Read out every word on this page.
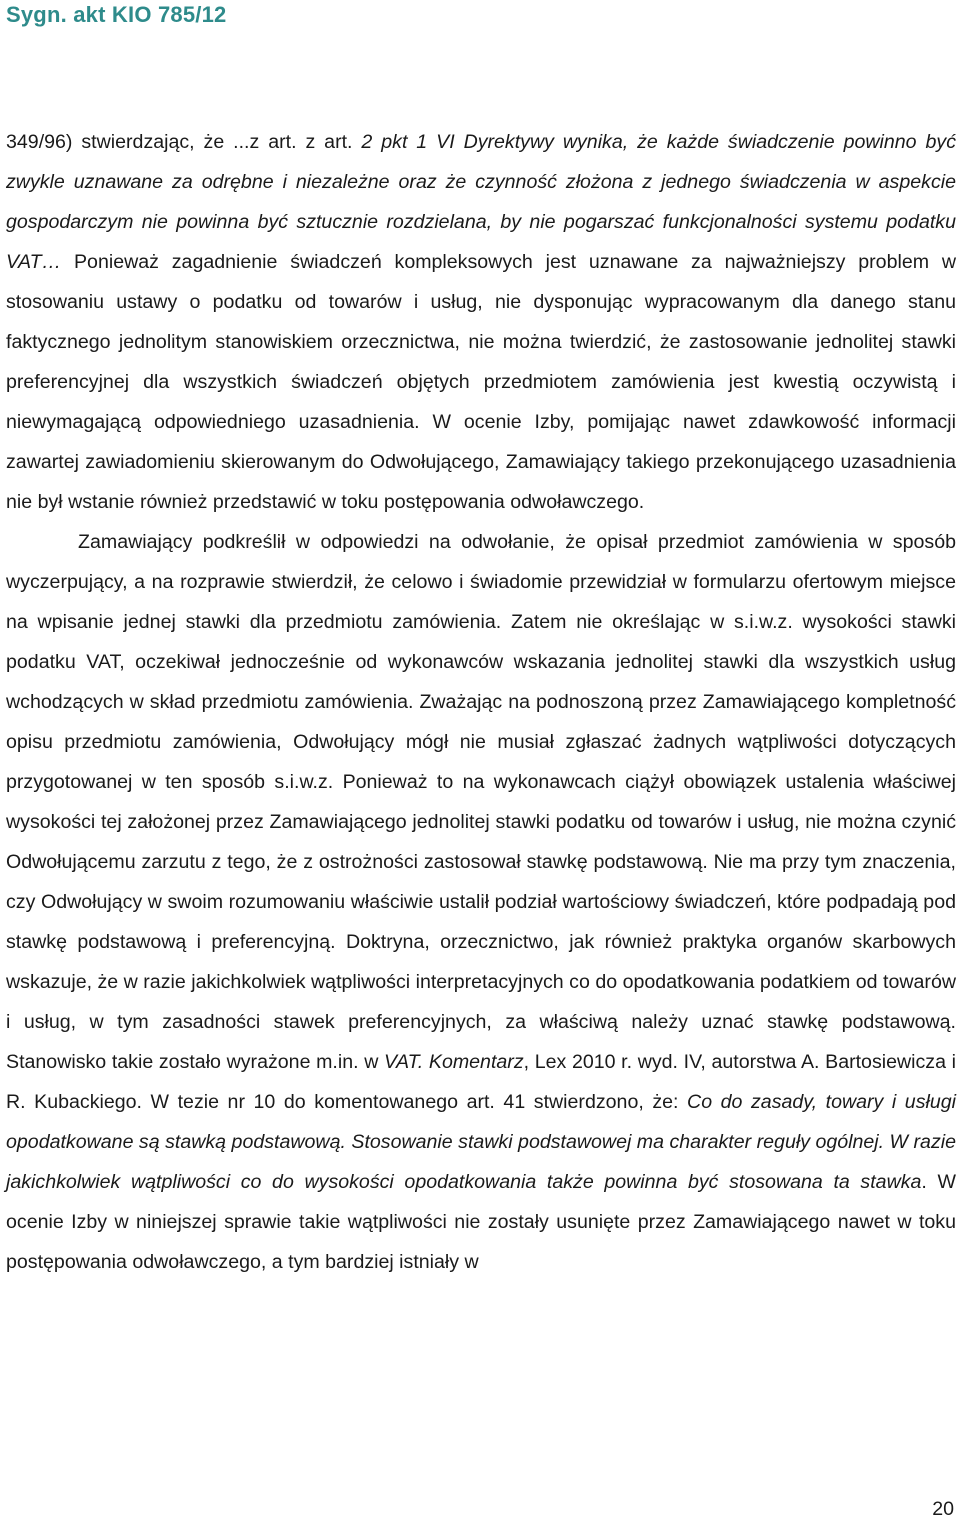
Sygn. akt KIO 785/12

349/96) stwierdzając, że ...z art. z art. 2 pkt 1 VI Dyrektywy wynika, że każde świadczenie powinno być zwykle uznawane za odrębne i niezależne oraz że czynność złożona z jednego świadczenia w aspekcie gospodarczym nie powinna być sztucznie rozdzielana, by nie pogarszać funkcjonalności systemu podatku VAT… Ponieważ zagadnienie świadczeń kompleksowych jest uznawane za najważniejszy problem w stosowaniu ustawy o podatku od towarów i usług, nie dysponując wypracowanym dla danego stanu faktycznego jednolitym stanowiskiem orzecznictwa, nie można twierdzić, że zastosowanie jednolitej stawki preferencyjnej dla wszystkich świadczeń objętych przedmiotem zamówienia jest kwestią oczywistą i niewymagającą odpowiedniego uzasadnienia. W ocenie Izby, pomijając nawet zdawkowość informacji zawartej zawiadomieniu skierowanym do Odwołującego, Zamawiający takiego przekonującego uzasadnienia nie był wstanie również przedstawić w toku postępowania odwoławczego.

Zamawiający podkreślił w odpowiedzi na odwołanie, że opisał przedmiot zamówienia w sposób wyczerpujący, a na rozprawie stwierdził, że celowo i świadomie przewidział w formularzu ofertowym miejsce na wpisanie jednej stawki dla przedmiotu zamówienia. Zatem nie określając w s.i.w.z. wysokości stawki podatku VAT, oczekiwał jednocześnie od wykonawców wskazania jednolitej stawki dla wszystkich usług wchodzących w skład przedmiotu zamówienia. Zważając na podnoszoną przez Zamawiającego kompletność opisu przedmiotu zamówienia, Odwołujący mógł nie musiał zgłaszać żadnych wątpliwości dotyczących przygotowanej w ten sposób s.i.w.z. Ponieważ to na wykonawcach ciążył obowiązek ustalenia właściwej wysokości tej założonej przez Zamawiającego jednolitej stawki podatku od towarów i usług, nie można czynić Odwołującemu zarzutu z tego, że z ostrożności zastosował stawkę podstawową. Nie ma przy tym znaczenia, czy Odwołujący w swoim rozumowaniu właściwie ustalił podział wartościowy świadczeń, które podpadają pod stawkę podstawową i preferencyjną. Doktryna, orzecznictwo, jak również praktyka organów skarbowych wskazuje, że w razie jakichkolwiek wątpliwości interpretacyjnych co do opodatkowania podatkiem od towarów i usług, w tym zasadności stawek preferencyjnych, za właściwą należy uznać stawkę podstawową. Stanowisko takie zostało wyrażone m.in. w VAT. Komentarz, Lex 2010 r. wyd. IV, autorstwa A. Bartosiewicza i R. Kubackiego. W tezie nr 10 do komentowanego art. 41 stwierdzono, że: Co do zasady, towary i usługi opodatkowane są stawką podstawową. Stosowanie stawki podstawowej ma charakter reguły ogólnej. W razie jakichkolwiek wątpliwości co do wysokości opodatkowania także powinna być stosowana ta stawka. W ocenie Izby w niniejszej sprawie takie wątpliwości nie zostały usunięte przez Zamawiającego nawet w toku postępowania odwoławczego, a tym bardziej istniały w

20
